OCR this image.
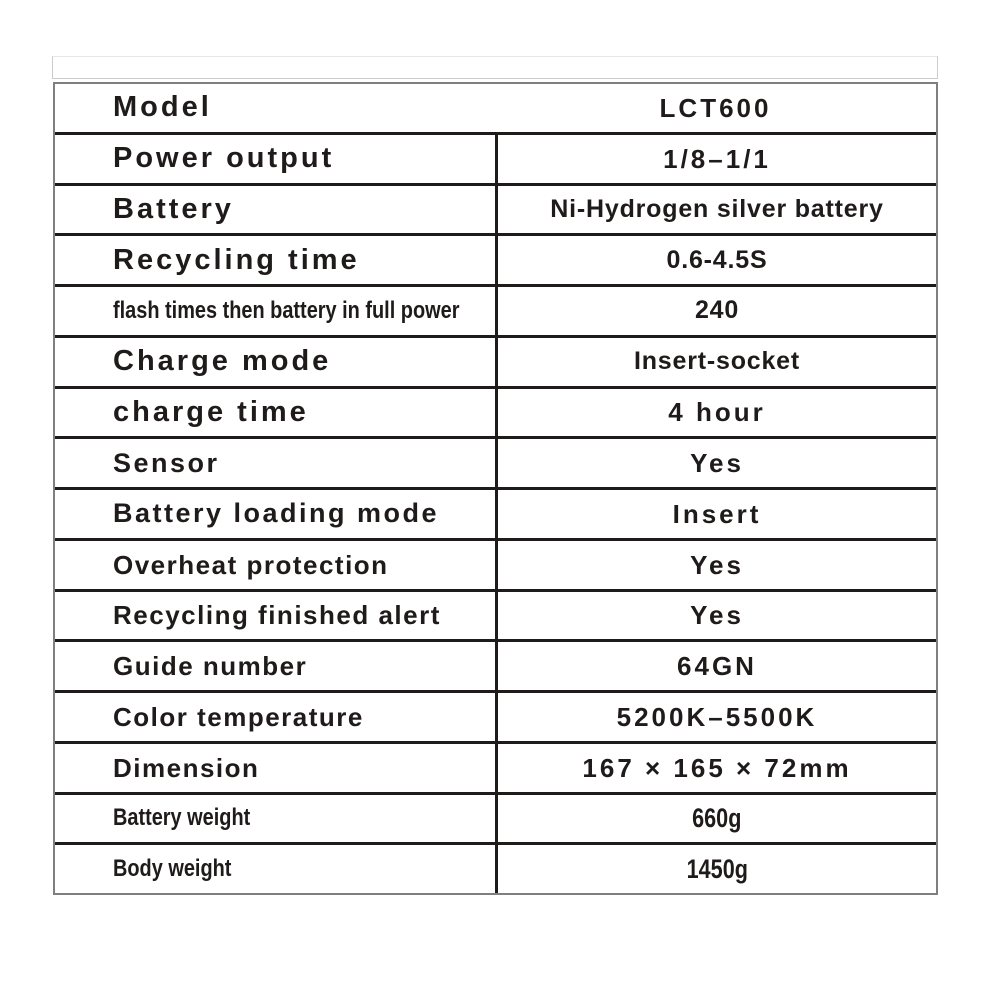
Model	LCT600
Power output	1/8–1/1
Battery	Ni-Hydrogen silver battery
Recycling time	0.6-4.5S
flash times then battery in full power	240
Charge mode	Insert-socket
charge time	4 hour
Sensor	Yes
Battery loading mode	Insert
Overheat protection	Yes
Recycling finished alert	Yes
Guide number	64GN
Color temperature	5200K–5500K
Dimension	167 × 165 × 72mm
Battery weight	660g
Body weight	1450g
